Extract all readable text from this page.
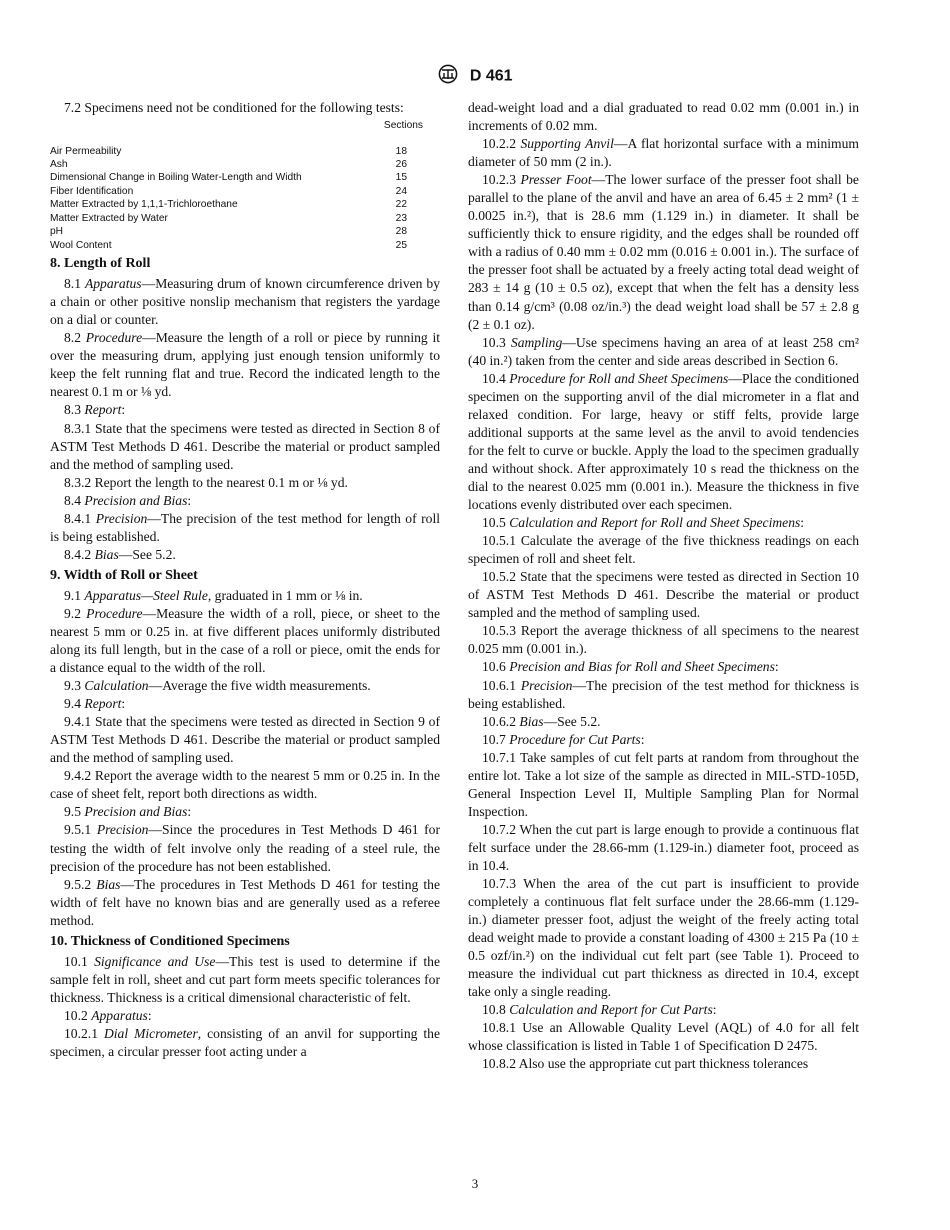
D 461

7.2 Specimens need not be conditioned for the following tests:

Sections	
Air Permeability	18
Ash	26
Dimensional Change in Boiling Water-Length and Width	15
Fiber Identification	24
Matter Extracted by 1,1,1-Trichloroethane	22
Matter Extracted by Water	23
pH	28
Wool Content	25
8. Length of Roll

8.1 Apparatus—Measuring drum of known circumference driven by a chain or other positive nonslip mechanism that registers the yardage on a dial or counter.

8.2 Procedure—Measure the length of a roll or piece by running it over the measuring drum, applying just enough tension uniformly to keep the felt running flat and true. Record the indicated length to the nearest 0.1 m or ⅛ yd.

8.3 Report:

8.3.1 State that the specimens were tested as directed in Section 8 of ASTM Test Methods D 461. Describe the material or product sampled and the method of sampling used.

8.3.2 Report the length to the nearest 0.1 m or ⅛ yd.

8.4 Precision and Bias:

8.4.1 Precision—The precision of the test method for length of roll is being established.

8.4.2 Bias—See 5.2.

9. Width of Roll or Sheet

9.1 Apparatus—Steel Rule, graduated in 1 mm or ⅛ in.

9.2 Procedure—Measure the width of a roll, piece, or sheet to the nearest 5 mm or 0.25 in. at five different places uniformly distributed along its full length, but in the case of a roll or piece, omit the ends for a distance equal to the width of the roll.

9.3 Calculation—Average the five width measurements.

9.4 Report:

9.4.1 State that the specimens were tested as directed in Section 9 of ASTM Test Methods D 461. Describe the material or product sampled and the method of sampling used.

9.4.2 Report the average width to the nearest 5 mm or 0.25 in. In the case of sheet felt, report both directions as width.

9.5 Precision and Bias:

9.5.1 Precision—Since the procedures in Test Methods D 461 for testing the width of felt involve only the reading of a steel rule, the precision of the procedure has not been established.

9.5.2 Bias—The procedures in Test Methods D 461 for testing the width of felt have no known bias and are generally used as a referee method.

10. Thickness of Conditioned Specimens

10.1 Significance and Use—This test is used to determine if the sample felt in roll, sheet and cut part form meets specific tolerances for thickness. Thickness is a critical dimensional characteristic of felt.

10.2 Apparatus:

10.2.1 Dial Micrometer, consisting of an anvil for supporting the specimen, a circular presser foot acting under a

dead-weight load and a dial graduated to read 0.02 mm (0.001 in.) in increments of 0.02 mm.

10.2.2 Supporting Anvil—A flat horizontal surface with a minimum diameter of 50 mm (2 in.).

10.2.3 Presser Foot—The lower surface of the presser foot shall be parallel to the plane of the anvil and have an area of 6.45 ± 2 mm² (1 ± 0.0025 in.²), that is 28.6 mm (1.129 in.) in diameter. It shall be sufficiently thick to ensure rigidity, and the edges shall be rounded off with a radius of 0.40 mm ± 0.02 mm (0.016 ± 0.001 in.). The surface of the presser foot shall be actuated by a freely acting total dead weight of 283 ± 14 g (10 ± 0.5 oz), except that when the felt has a density less than 0.14 g/cm³ (0.08 oz/in.³) the dead weight load shall be 57 ± 2.8 g (2 ± 0.1 oz).

10.3 Sampling—Use specimens having an area of at least 258 cm² (40 in.²) taken from the center and side areas described in Section 6.

10.4 Procedure for Roll and Sheet Specimens—Place the conditioned specimen on the supporting anvil of the dial micrometer in a flat and relaxed condition. For large, heavy or stiff felts, provide large additional supports at the same level as the anvil to avoid tendencies for the felt to curve or buckle. Apply the load to the specimen gradually and without shock. After approximately 10 s read the thickness on the dial to the nearest 0.025 mm (0.001 in.). Measure the thickness in five locations evenly distributed over each specimen.

10.5 Calculation and Report for Roll and Sheet Specimens:

10.5.1 Calculate the average of the five thickness readings on each specimen of roll and sheet felt.

10.5.2 State that the specimens were tested as directed in Section 10 of ASTM Test Methods D 461. Describe the material or product sampled and the method of sampling used.

10.5.3 Report the average thickness of all specimens to the nearest 0.025 mm (0.001 in.).

10.6 Precision and Bias for Roll and Sheet Specimens:

10.6.1 Precision—The precision of the test method for thickness is being established.

10.6.2 Bias—See 5.2.

10.7 Procedure for Cut Parts:

10.7.1 Take samples of cut felt parts at random from throughout the entire lot. Take a lot size of the sample as directed in MIL-STD-105D, General Inspection Level II, Multiple Sampling Plan for Normal Inspection.

10.7.2 When the cut part is large enough to provide a continuous flat felt surface under the 28.66-mm (1.129-in.) diameter foot, proceed as in 10.4.

10.7.3 When the area of the cut part is insufficient to provide completely a continuous flat felt surface under the 28.66-mm (1.129-in.) diameter presser foot, adjust the weight of the freely acting total dead weight made to provide a constant loading of 4300 ± 215 Pa (10 ± 0.5 ozf/in.²) on the individual cut felt part (see Table 1). Proceed to measure the individual cut part thickness as directed in 10.4, except take only a single reading.

10.8 Calculation and Report for Cut Parts:

10.8.1 Use an Allowable Quality Level (AQL) of 4.0 for all felt whose classification is listed in Table 1 of Specification D 2475.

10.8.2 Also use the appropriate cut part thickness tolerances

3
